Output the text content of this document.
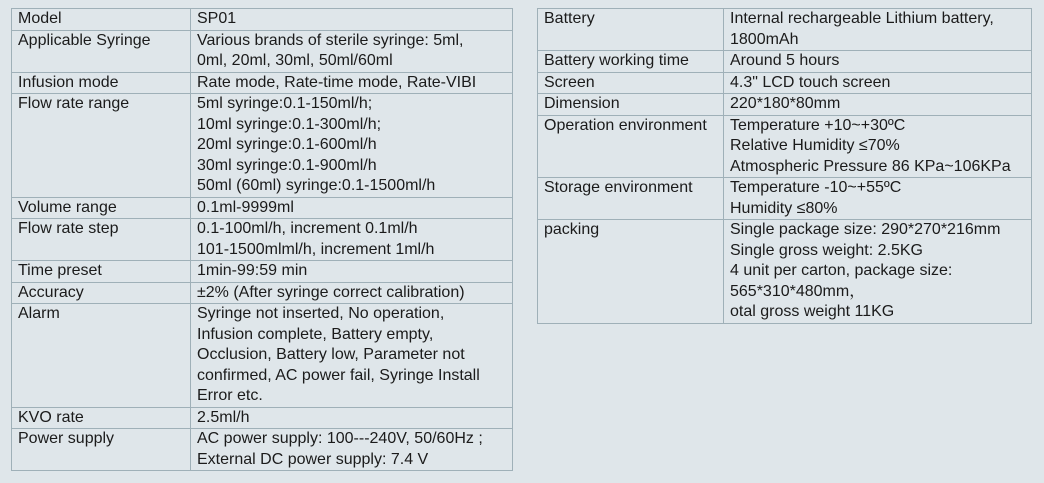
Model	SP01
Applicable Syringe	Various brands of sterile syringe: 5ml,
0ml, 20ml, 30ml, 50ml/60ml
Infusion mode	Rate mode, Rate-time mode, Rate-VIBI
Flow rate range	5ml syringe:0.1-150ml/h;
10ml syringe:0.1-300ml/h;
20ml syringe:0.1-600ml/h
30ml syringe:0.1-900ml/h
50ml (60ml) syringe:0.1-1500ml/h
Volume range	0.1ml-9999ml
Flow rate step	0.1-100ml/h, increment 0.1ml/h
101-1500mlml/h, increment 1ml/h
Time preset	1min-99:59 min
Accuracy	±2% (After syringe correct calibration)
Alarm	Syringe not inserted, No operation,
Infusion complete, Battery empty,
Occlusion, Battery low, Parameter not
confirmed, AC power fail, Syringe Install
Error etc.
KVO rate	2.5ml/h
Power supply	AC power supply: 100---240V, 50/60Hz ;
External DC power supply: 7.4 V
Battery	Internal rechargeable Lithium battery,
1800mAh
Battery working time	Around 5 hours
Screen	4.3" LCD touch screen
Dimension	220*180*80mm
Operation environment	Temperature +10~+30ºC
Relative Humidity ≤70%
Atmospheric Pressure 86 KPa~106KPa
Storage environment	Temperature -10~+55ºC
Humidity ≤80%
packing	Single package size: 290*270*216mm
Single gross weight: 2.5KG
4 unit per carton, package size:
565*310*480mm，
otal gross weight 11KG
